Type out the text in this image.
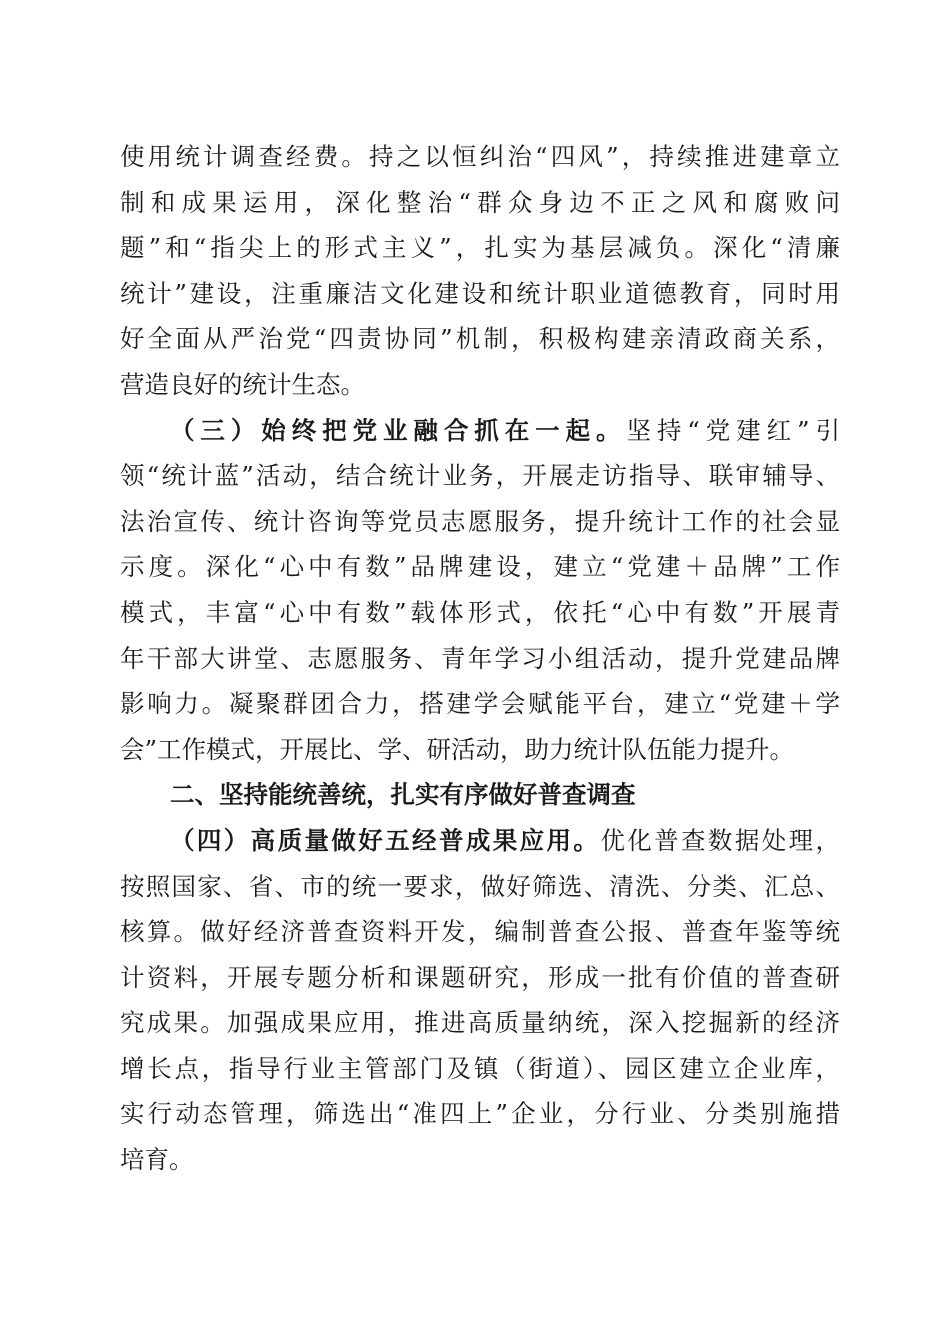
使用统计调查经费。持之以恒纠治“四风”，持续推进建章立
制和成果运用，深化整治“群众身边不正之风和腐败问
题”和“指尖上的形式主义”，扎实为基层减负。深化“清廉
统计”建设，注重廉洁文化建设和统计职业道德教育，同时用
好全面从严治党“四责协同”机制，积极构建亲清政商关系，
营造良好的统计生态。
（三）始终把党业融合抓在一起。坚持“党建红”引
领“统计蓝”活动，结合统计业务，开展走访指导、联审辅导、
法治宣传、统计咨询等党员志愿服务，提升统计工作的社会显
示度。深化“心中有数”品牌建设，建立“党建＋品牌”工作
模式，丰富“心中有数”载体形式，依托“心中有数”开展青
年干部大讲堂、志愿服务、青年学习小组活动，提升党建品牌
影响力。凝聚群团合力，搭建学会赋能平台，建立“党建＋学
会”工作模式，开展比、学、研活动，助力统计队伍能力提升。
二、坚持能统善统，扎实有序做好普查调查
（四）高质量做好五经普成果应用。优化普查数据处理，
按照国家、省、市的统一要求，做好筛选、清洗、分类、汇总、
核算。做好经济普查资料开发，编制普查公报、普查年鉴等统
计资料，开展专题分析和课题研究，形成一批有价值的普查研
究成果。加强成果应用，推进高质量纳统，深入挖掘新的经济
增长点，指导行业主管部门及镇（街道）、园区建立企业库，
实行动态管理，筛选出“准四上”企业，分行业、分类别施措
培育。
